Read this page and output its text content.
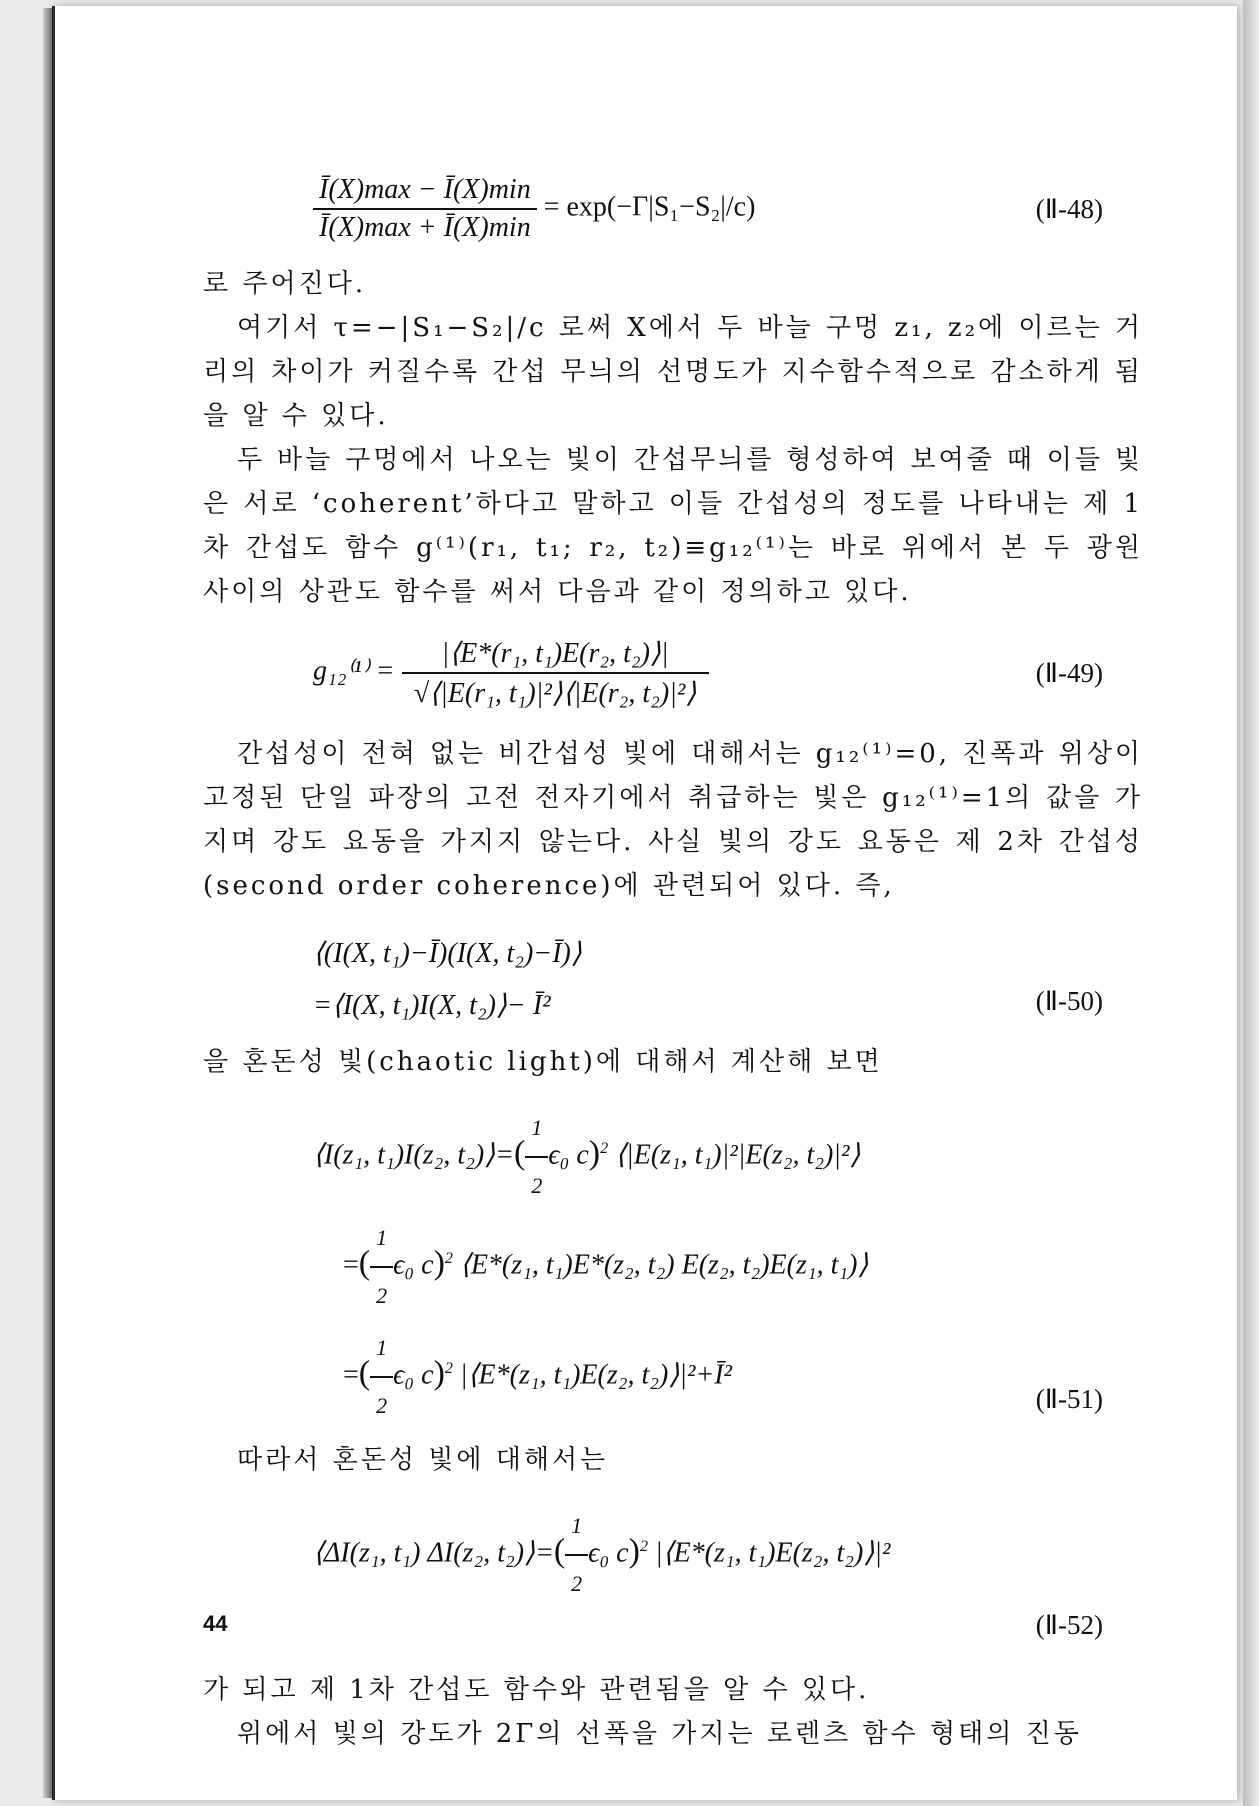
$\frac{Ī(X)\max - Ī(X)\min}{Ī(X)\max + Ī(X)\min} = \exp(-\Gamma|S_1-S_2|/c)$	(Ⅱ-48)

로 주어진다.

여기서 τ=−|S₁−S₂|/c 로써 X에서 두 바늘 구멍 z₁, z₂에 이르는 거리의 차이가 커질수록 간섭 무늬의 선명도가 지수함수적으로 감소하게 됨을 알 수 있다.

두 바늘 구멍에서 나오는 빛이 간섭무늬를 형성하여 보여줄 때 이들 빛은 서로 ‘coherent’하다고 말하고 이들 간섭성의 정도를 나타내는 제 1차 간섭도 함수 g⁽¹⁾(r₁, t₁; r₂, t₂)≡g₁₂⁽¹⁾는 바로 위에서 본 두 광원 사이의 상관도 함수를 써서 다음과 같이 정의하고 있다.

$g_{12}^{(1)} = \frac{\text{|⟨E*(r₁, t₁)E(r₂, t₂)⟩|}}{\text{√⟨|E(r₁, t₁)|²⟩⟨|E(r₂, t₂)|²⟩}}$	(Ⅱ-49)

간섭성이 전혀 없는 비간섭성 빛에 대해서는 g₁₂⁽¹⁾=0, 진폭과 위상이 고정된 단일 파장의 고전 전자기에서 취급하는 빛은 g₁₂⁽¹⁾=1의 값을 가지며 강도 요동을 가지지 않는다. 사실 빛의 강도 요동은 제 2차 간섭성(second order coherence)에 관련되어 있다. 즉,

⟨(I(X, t₁)−Ī)(I(X, t₂)−Ī)⟩
=⟨I(X, t₁)I(X, t₂)⟩− Ī²	(Ⅱ-50)

을 혼돈성 빛(chaotic light)에 대해서 계산해 보면

⟨I(z₁, t₁)I(z₂, t₂)⟩=( $\frac{1}{2} \epsilon_0$ c)$^2$ ⟨|E(z₁, t₁)|²|E(z₂, t₂)|²⟩
=( $\frac{1}{2} \epsilon_0$ c)$^2$ ⟨E*(z₁, t₁)E*(z₂, t₂) E(z₂, t₂)E(z₁, t₁)⟩
=( $\frac{1}{2} \epsilon_0$ c)$^2$ |⟨E*(z₁, t₁)E(z₂, t₂)⟩|²+Ī²
(Ⅱ-51)

따라서 혼돈성 빛에 대해서는

⟨ΔI(z₁, t₁) ΔI(z₂, t₂)⟩=( $\frac{1}{2} \epsilon_0$ c)$^2$ |⟨E*(z₁, t₁)E(z₂, t₂)⟩|²
(Ⅱ-52)

가 되고 제 1차 간섭도 함수와 관련됨을 알 수 있다.

위에서 빛의 강도가 2Γ의 선폭을 가지는 로렌츠 함수 형태의 진동

44
